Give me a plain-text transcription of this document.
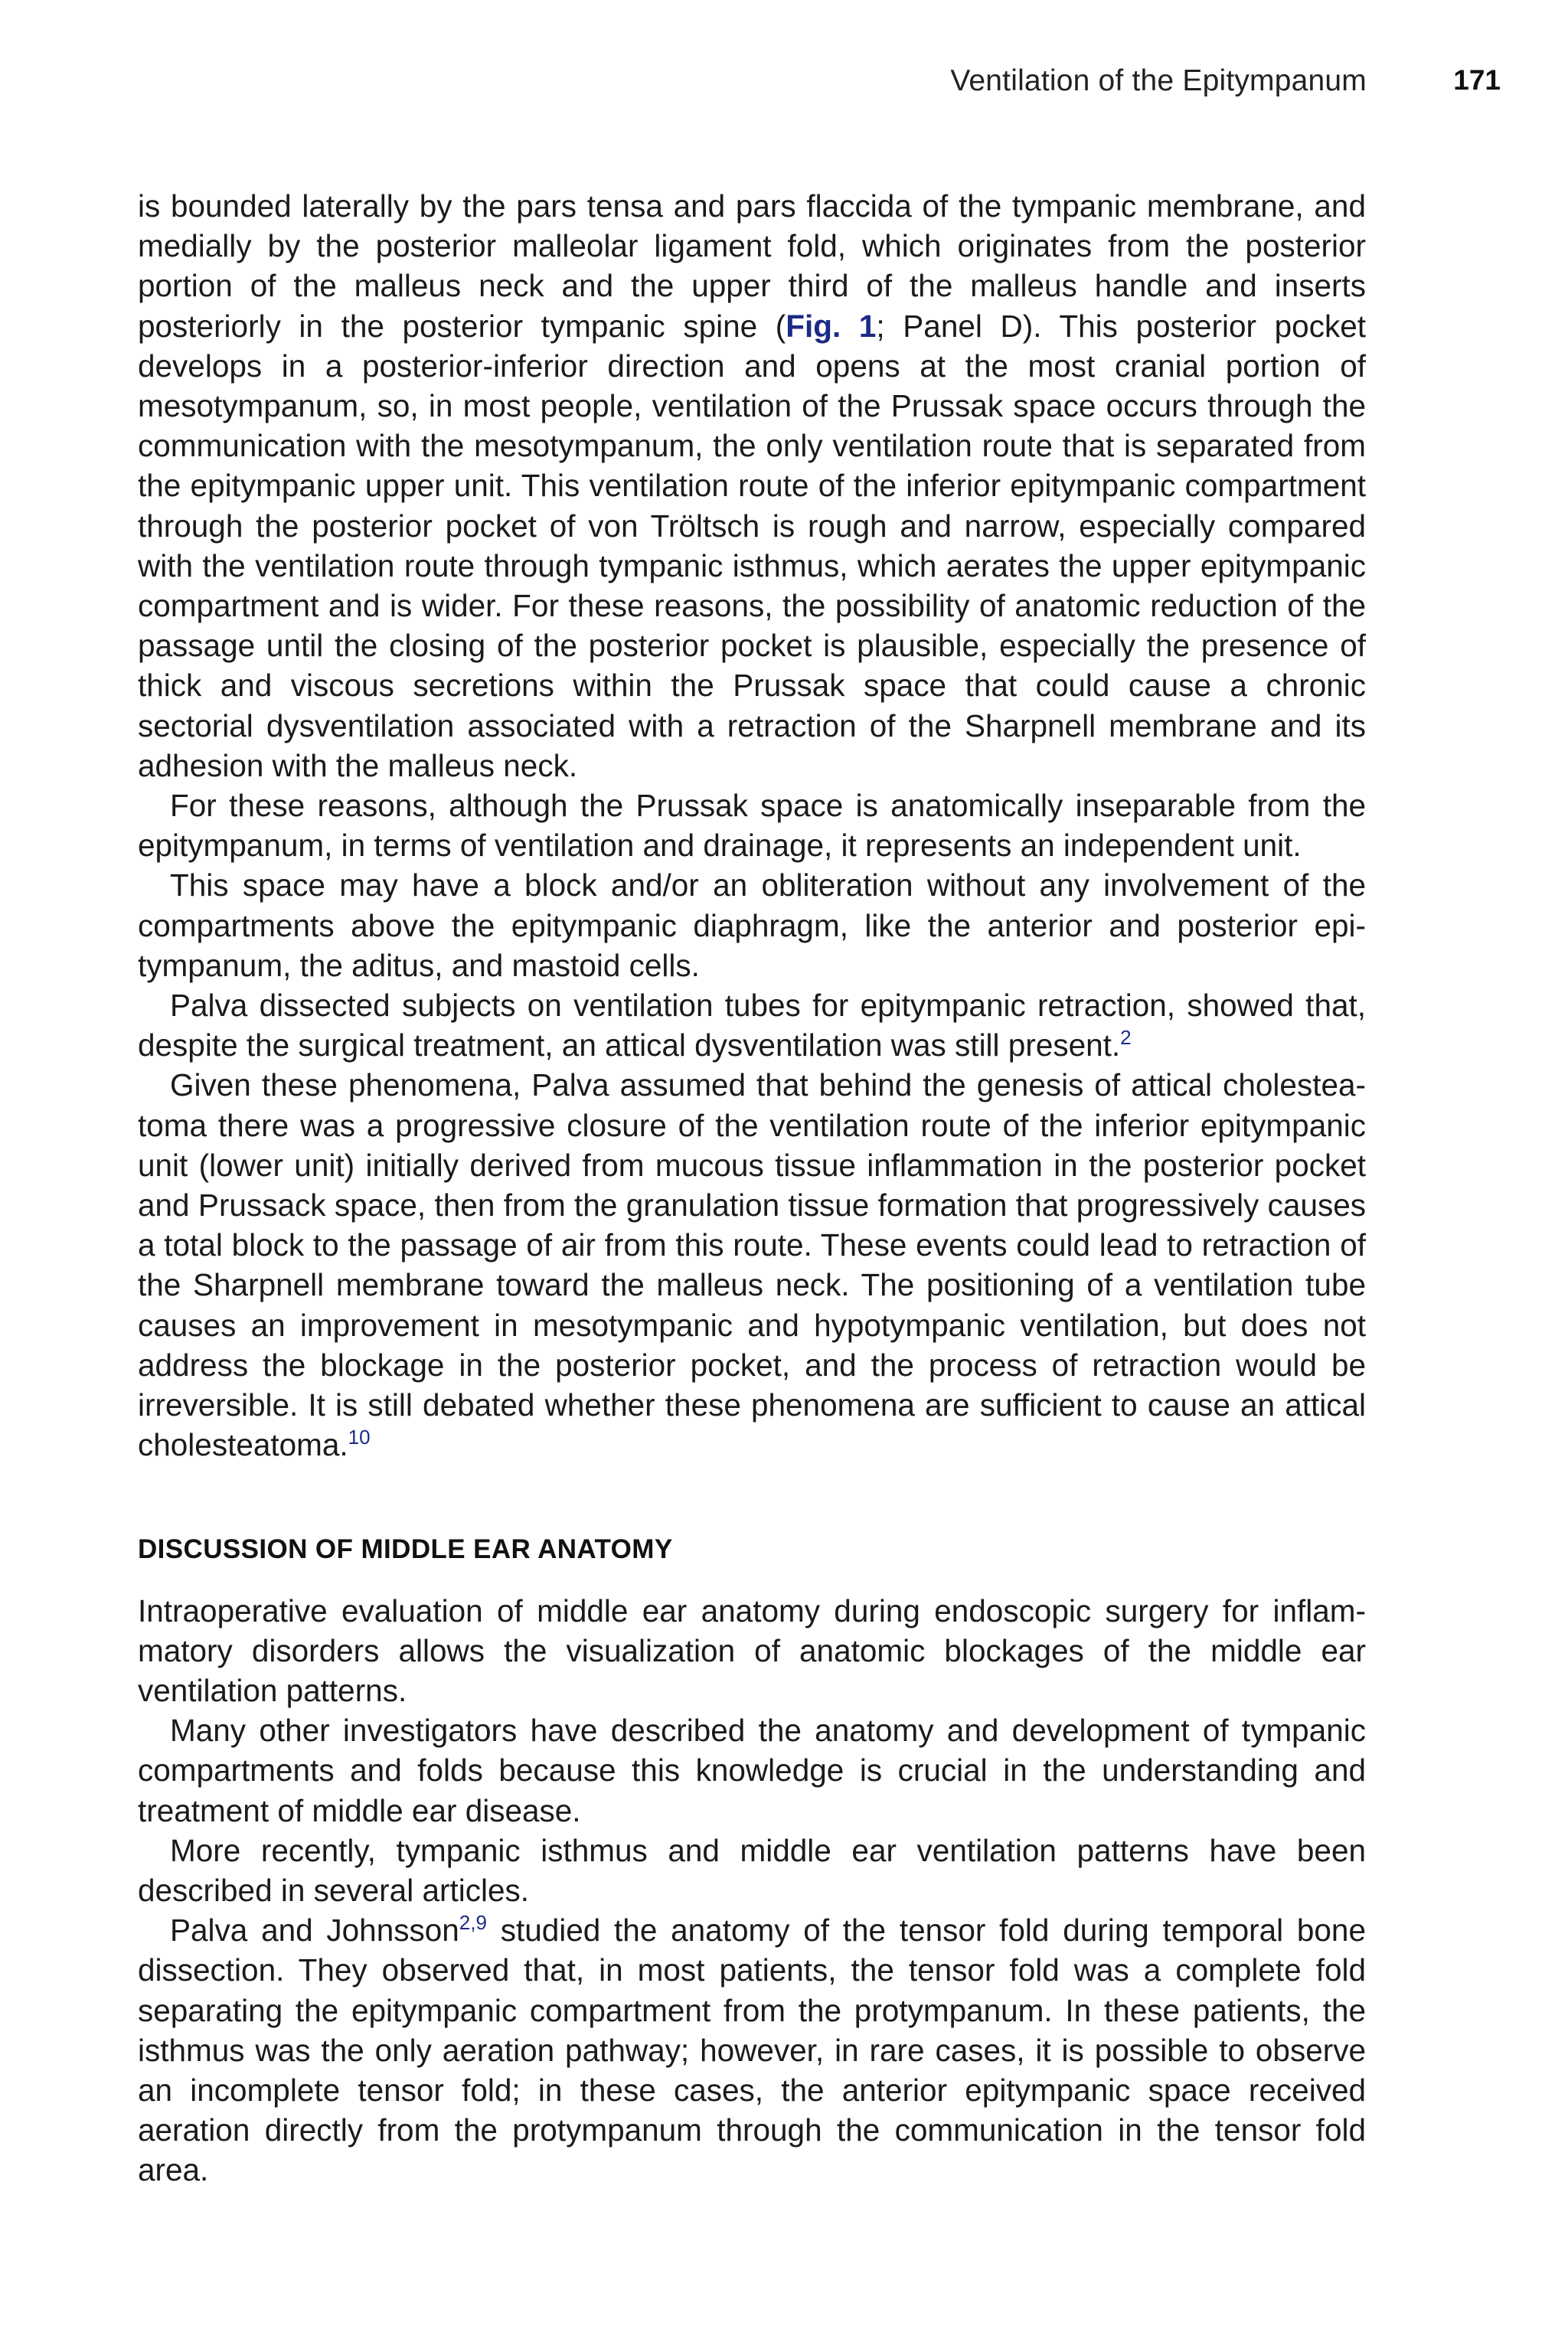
Ventilation of the Epitympanum	171

is bounded laterally by the pars tensa and pars flaccida of the tympanic membrane, and medially by the posterior malleolar ligament fold, which originates from the posterior portion of the malleus neck and the upper third of the malleus handle and inserts posteriorly in the posterior tympanic spine (Fig. 1; Panel D). This posterior pocket develops in a posterior-inferior direction and opens at the most cranial portion of mesotympanum, so, in most people, ventilation of the Prussak space occurs through the communication with the mesotympanum, the only ventilation route that is separated from the epitympanic upper unit. This ventilation route of the inferior epitympanic compartment through the posterior pocket of von Tröltsch is rough and narrow, especially compared with the ventilation route through tympanic isthmus, which aerates the upper epitympanic compartment and is wider. For these reasons, the possibility of anatomic reduction of the passage until the closing of the posterior pocket is plausible, especially the presence of thick and viscous secretions within the Prussak space that could cause a chronic sectorial dysventilation associated with a retraction of the Sharpnell membrane and its adhesion with the malleus neck.

For these reasons, although the Prussak space is anatomically inseparable from the epitympanum, in terms of ventilation and drainage, it represents an independent unit.

This space may have a block and/or an obliteration without any involvement of the compartments above the epitympanic diaphragm, like the anterior and posterior epitympanum, the aditus, and mastoid cells.

Palva dissected subjects on ventilation tubes for epitympanic retraction, showed that, despite the surgical treatment, an attical dysventilation was still present.$^2$

Given these phenomena, Palva assumed that behind the genesis of attical cholesteatoma there was a progressive closure of the ventilation route of the inferior epitympanic unit (lower unit) initially derived from mucous tissue inflammation in the posterior pocket and Prussack space, then from the granulation tissue formation that progressively causes a total block to the passage of air from this route. These events could lead to retraction of the Sharpnell membrane toward the malleus neck. The positioning of a ventilation tube causes an improvement in mesotympanic and hypotympanic ventilation, but does not address the blockage in the posterior pocket, and the process of retraction would be irreversible. It is still debated whether these phenomena are sufficient to cause an attical cholesteatoma.$^{10}$

DISCUSSION OF MIDDLE EAR ANATOMY

Intraoperative evaluation of middle ear anatomy during endoscopic surgery for inflammatory disorders allows the visualization of anatomic blockages of the middle ear ventilation patterns.

Many other investigators have described the anatomy and development of tympanic compartments and folds because this knowledge is crucial in the understanding and treatment of middle ear disease.

More recently, tympanic isthmus and middle ear ventilation patterns have been described in several articles.

Palva and Johnsson$^{2,9}$ studied the anatomy of the tensor fold during temporal bone dissection. They observed that, in most patients, the tensor fold was a complete fold separating the epitympanic compartment from the protympanum. In these patients, the isthmus was the only aeration pathway; however, in rare cases, it is possible to observe an incomplete tensor fold; in these cases, the anterior epitympanic space received aeration directly from the protympanum through the communication in the tensor fold area.
